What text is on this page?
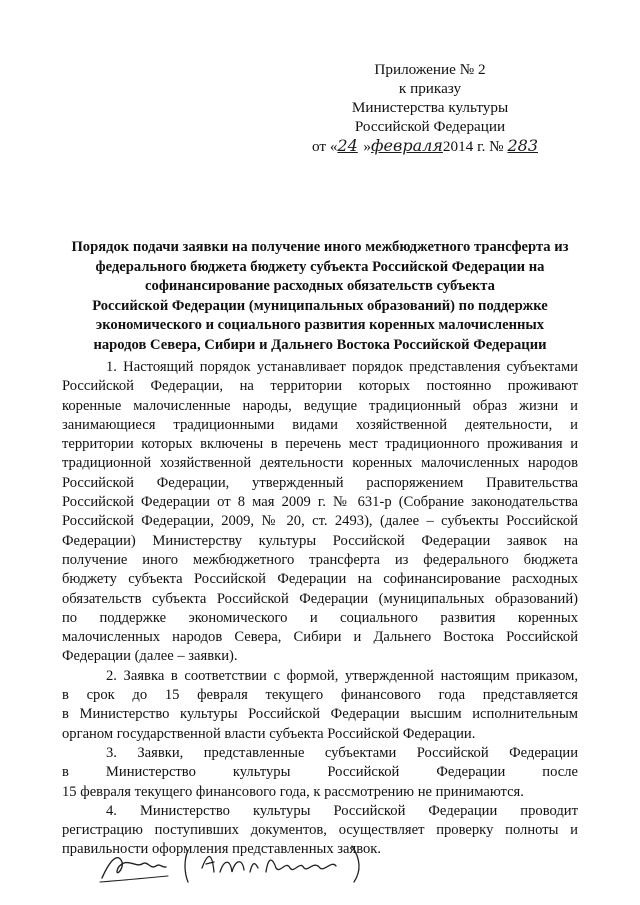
Приложение № 2
к приказу
Министерства культуры
Российской Федерации
от «24 »февраля2014 г. № 283
Порядок подачи заявки на получение иного межбюджетного трансферта из
федерального бюджета бюджету субъекта Российской Федерации на
софинансирование расходных обязательств субъекта
Российской Федерации (муниципальных образований) по поддержке
экономического и социального развития коренных малочисленных
народов Севера, Сибири и Дальнего Востока Российской Федерации
1. Настоящий порядок устанавливает порядок представления субъектами
Российской Федерации, на территории которых постоянно проживают
коренные малочисленные народы, ведущие традиционный образ жизни и
занимающиеся традиционными видами хозяйственной деятельности, и
территории которых включены в перечень мест традиционного проживания и
традиционной хозяйственной деятельности коренных малочисленных народов
Российской Федерации, утвержденный распоряжением Правительства
Российской Федерации от 8 мая 2009 г. № 631-р (Собрание законодательства
Российской Федерации, 2009, № 20, ст. 2493), (далее – субъекты Российской
Федерации) Министерству культуры Российской Федерации заявок на
получение иного межбюджетного трансферта из федерального бюджета
бюджету субъекта Российской Федерации на софинансирование расходных
обязательств субъекта Российской Федерации (муниципальных образований)
по поддержке экономического и социального развития коренных
малочисленных народов Севера, Сибири и Дальнего Востока Российской
Федерации (далее – заявки).
2. Заявка в соответствии с формой, утвержденной настоящим приказом,
в срок до 15 февраля текущего финансового года представляется
в Министерство культуры Российской Федерации высшим исполнительным
органом государственной власти субъекта Российской Федерации.
3. Заявки, представленные субъектами Российской Федерации
в Министерство культуры Российской Федерации после
15 февраля текущего финансового года, к рассмотрению не принимаются.
4. Министерство культуры Российской Федерации проводит
регистрацию поступивших документов, осуществляет проверку полноты и
правильности оформления представленных заявок.
